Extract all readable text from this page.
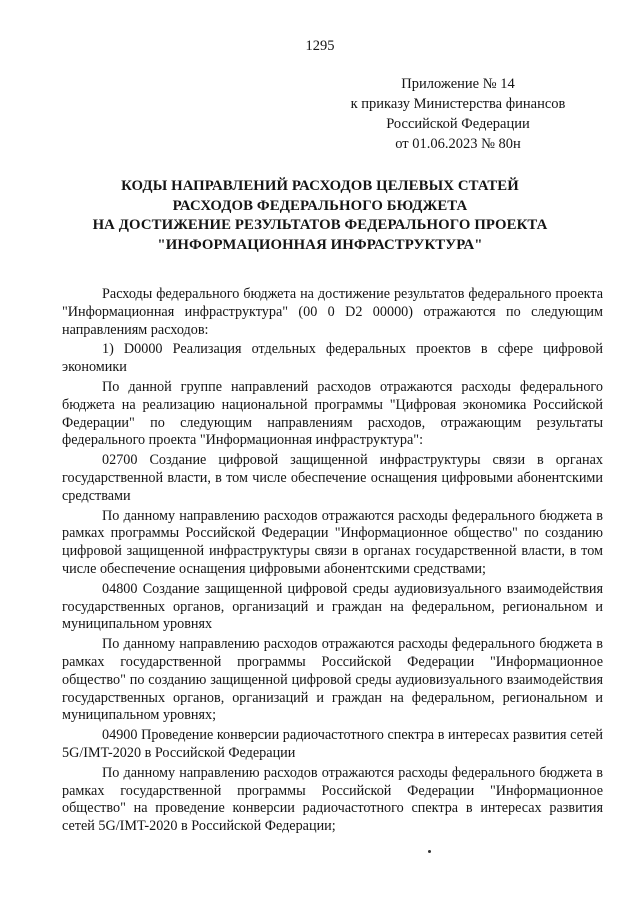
1295
Приложение № 14
к приказу Министерства финансов
Российской Федерации
от 01.06.2023 № 80н
КОДЫ НАПРАВЛЕНИЙ РАСХОДОВ ЦЕЛЕВЫХ СТАТЕЙ
РАСХОДОВ ФЕДЕРАЛЬНОГО БЮДЖЕТА
НА ДОСТИЖЕНИЕ РЕЗУЛЬТАТОВ ФЕДЕРАЛЬНОГО ПРОЕКТА
"ИНФОРМАЦИОННАЯ ИНФРАСТРУКТУРА"

Расходы федерального бюджета на достижение результатов федерального проекта "Информационная инфраструктура" (00 0 D2 00000) отражаются по следующим направлениям расходов:

1) D0000 Реализация отдельных федеральных проектов в сфере цифровой экономики

По данной группе направлений расходов отражаются расходы федерального бюджета на реализацию национальной программы "Цифровая экономика Российской Федерации" по следующим направлениям расходов, отражающим результаты федерального проекта "Информационная инфраструктура":

02700 Создание цифровой защищенной инфраструктуры связи в органах государственной власти, в том числе обеспечение оснащения цифровыми абонентскими средствами

По данному направлению расходов отражаются расходы федерального бюджета в рамках программы Российской Федерации "Информационное общество" по созданию цифровой защищенной инфраструктуры связи в органах государственной власти, в том числе обеспечение оснащения цифровыми абонентскими средствами;

04800 Создание защищенной цифровой среды аудиовизуального взаимодействия государственных органов, организаций и граждан на федеральном, региональном и муниципальном уровнях

По данному направлению расходов отражаются расходы федерального бюджета в рамках государственной программы Российской Федерации "Информационное общество" по созданию защищенной цифровой среды аудиовизуального взаимодействия государственных органов, организаций и граждан на федеральном, региональном и муниципальном уровнях;

04900 Проведение конверсии радиочастотного спектра в интересах развития сетей 5G/IMT-2020 в Российской Федерации

По данному направлению расходов отражаются расходы федерального бюджета в рамках государственной программы Российской Федерации "Информационное общество" на проведение конверсии радиочастотного спектра в интересах развития сетей 5G/IMT-2020 в Российской Федерации;
